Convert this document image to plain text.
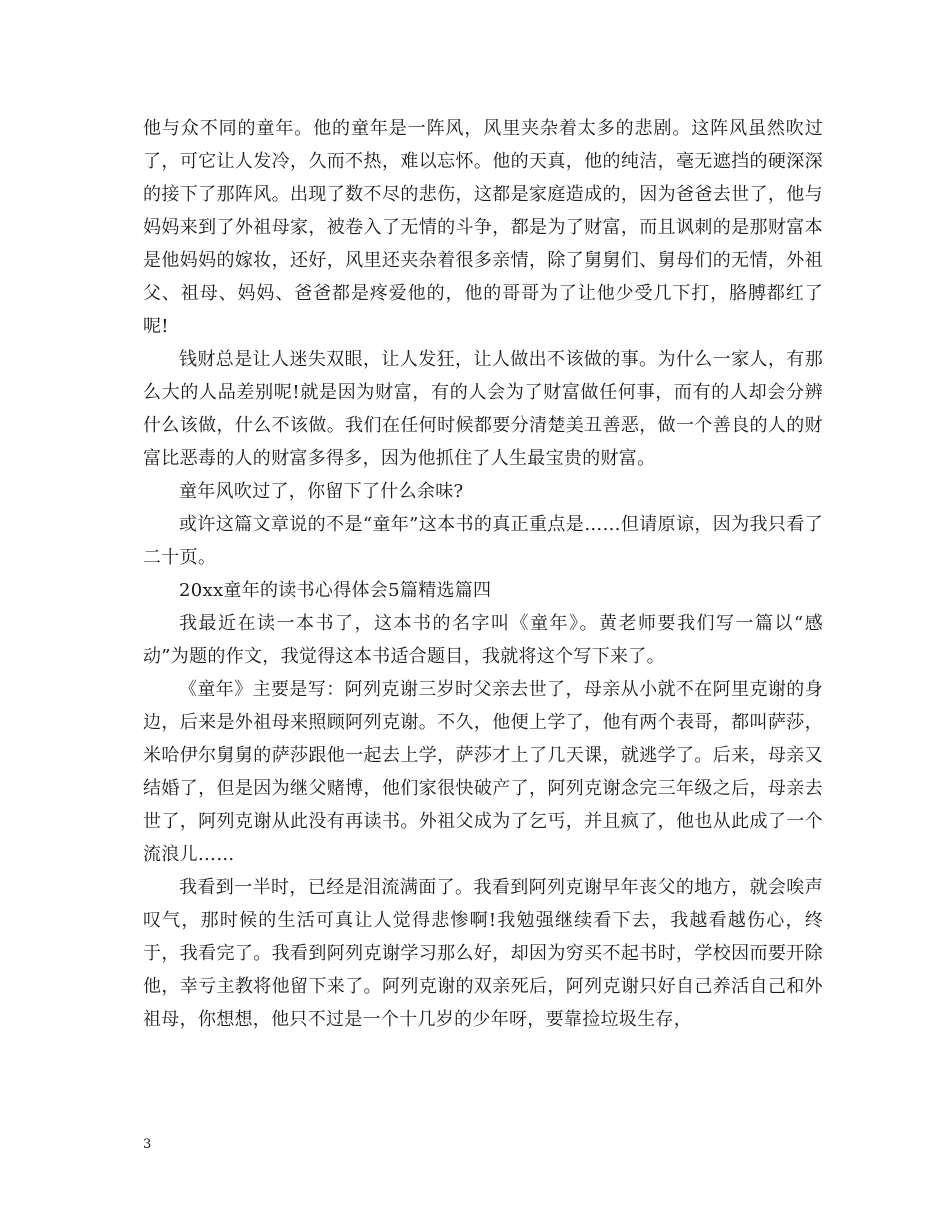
他与众不同的童年。他的童年是一阵风，风里夹杂着太多的悲剧。这阵风虽然吹过了，可它让人发冷，久而不热，难以忘怀。他的天真，他的纯洁，毫无遮挡的硬深深的接下了那阵风。出现了数不尽的悲伤，这都是家庭造成的，因为爸爸去世了，他与妈妈来到了外祖母家，被卷入了无情的斗争，都是为了财富，而且讽刺的是那财富本是他妈妈的嫁妆，还好，风里还夹杂着很多亲情，除了舅舅们、舅母们的无情，外祖父、祖母、妈妈、爸爸都是疼爱他的，他的哥哥为了让他少受几下打，胳膊都红了呢!

钱财总是让人迷失双眼，让人发狂，让人做出不该做的事。为什么一家人，有那么大的人品差别呢!就是因为财富，有的人会为了财富做任何事，而有的人却会分辨什么该做，什么不该做。我们在任何时候都要分清楚美丑善恶，做一个善良的人的财富比恶毒的人的财富多得多，因为他抓住了人生最宝贵的财富。

童年风吹过了，你留下了什么余味?

或许这篇文章说的不是“童年”这本书的真正重点是……但请原谅，因为我只看了二十页。

20xx童年的读书心得体会5篇精选篇四

我最近在读一本书了，这本书的名字叫《童年》。黄老师要我们写一篇以“感动”为题的作文，我觉得这本书适合题目，我就将这个写下来了。

《童年》主要是写：阿列克谢三岁时父亲去世了，母亲从小就不在阿里克谢的身边，后来是外祖母来照顾阿列克谢。不久，他便上学了，他有两个表哥，都叫萨莎，米哈伊尔舅舅的萨莎跟他一起去上学，萨莎才上了几天课，就逃学了。后来，母亲又结婚了，但是因为继父赌博，他们家很快破产了，阿列克谢念完三年级之后，母亲去世了，阿列克谢从此没有再读书。外祖父成为了乞丐，并且疯了，他也从此成了一个流浪儿……

我看到一半时，已经是泪流满面了。我看到阿列克谢早年丧父的地方，就会唉声叹气，那时候的生活可真让人觉得悲惨啊!我勉强继续看下去，我越看越伤心，终于，我看完了。我看到阿列克谢学习那么好，却因为穷买不起书时，学校因而要开除他，幸亏主教将他留下来了。阿列克谢的双亲死后，阿列克谢只好自己养活自己和外祖母，你想想，他只不过是一个十几岁的少年呀，要靠捡垃圾生存，

3
